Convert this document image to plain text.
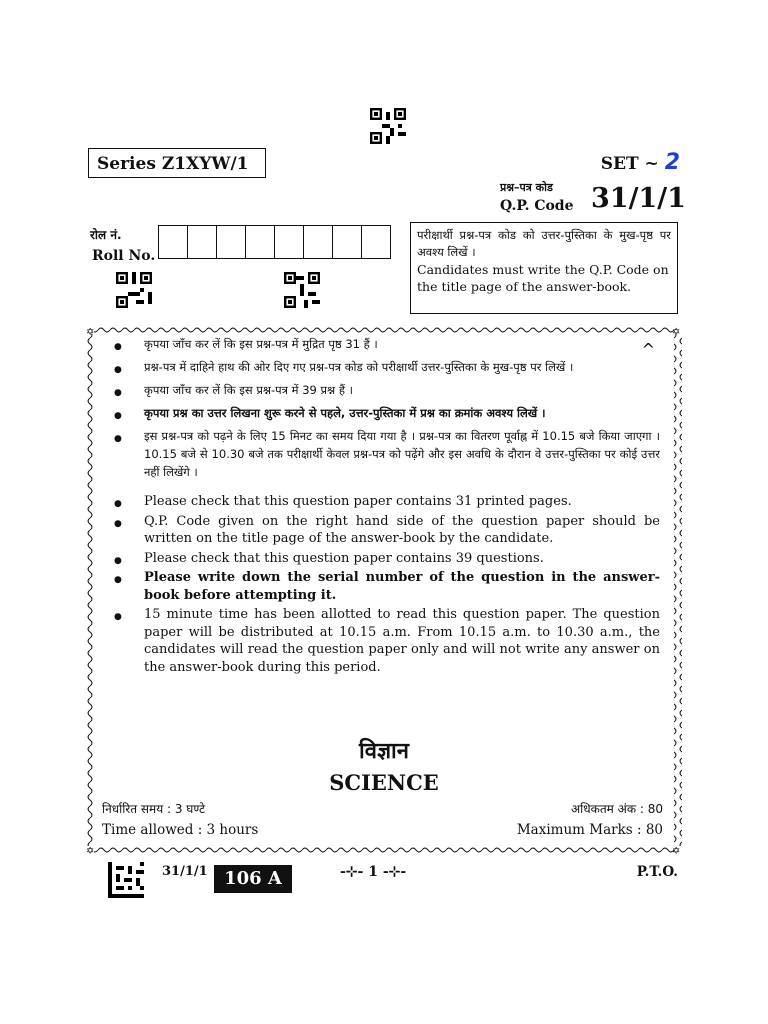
Series Z1XYW/1	SET ~ 2
प्रश्न–पत्र कोड
Q.P. Code 31/1/1
रोल नं.
Roll No.
परीक्षार्थी प्रश्न-पत्र कोड को उत्तर-पुस्तिका के मुख-पृष्ठ पर अवश्य लिखें ।
Candidates must write the Q.P. Code on the title page of the answer-book.
✡	✡
✡	✡
^
● कृपया जाँच कर लें कि इस प्रश्न-पत्र में मुद्रित पृष्ठ 31 हैं ।
● प्रश्न-पत्र में दाहिने हाथ की ओर दिए गए प्रश्न-पत्र कोड को परीक्षार्थी उत्तर-पुस्तिका के मुख-पृष्ठ पर लिखें ।
● कृपया जाँच कर लें कि इस प्रश्न-पत्र में 39 प्रश्न हैं ।
● कृपया प्रश्न का उत्तर लिखना शुरू करने से पहले, उत्तर-पुस्तिका में प्रश्न का क्रमांक अवश्य लिखें ।
● इस प्रश्न-पत्र को पढ़ने के लिए 15 मिनट का समय दिया गया है । प्रश्न-पत्र का वितरण पूर्वाह्न में 10.15 बजे किया जाएगा । 10.15 बजे से 10.30 बजे तक परीक्षार्थी केवल प्रश्न-पत्र को पढ़ेंगे और इस अवधि के दौरान वे उत्तर-पुस्तिका पर कोई उत्तर नहीं लिखेंगे ।
● Please check that this question paper contains 31 printed pages.
● Q.P. Code given on the right hand side of the question paper should be written on the title page of the answer-book by the candidate.
● Please check that this question paper contains 39 questions.
● Please write down the serial number of the question in the answer-book before attempting it.
● 15 minute time has been allotted to read this question paper. The question paper will be distributed at 10.15 a.m. From 10.15 a.m. to 10.30 a.m., the candidates will read the question paper only and will not write any answer on the answer-book during this period.
विज्ञान
SCIENCE
निर्धारित समय : 3 घण्टे
Time allowed : 3 hours
अधिकतम अंक : 80
Maximum Marks : 80
31/1/1 106 A	-⊹- 1 -⊹-	P.T.O.
